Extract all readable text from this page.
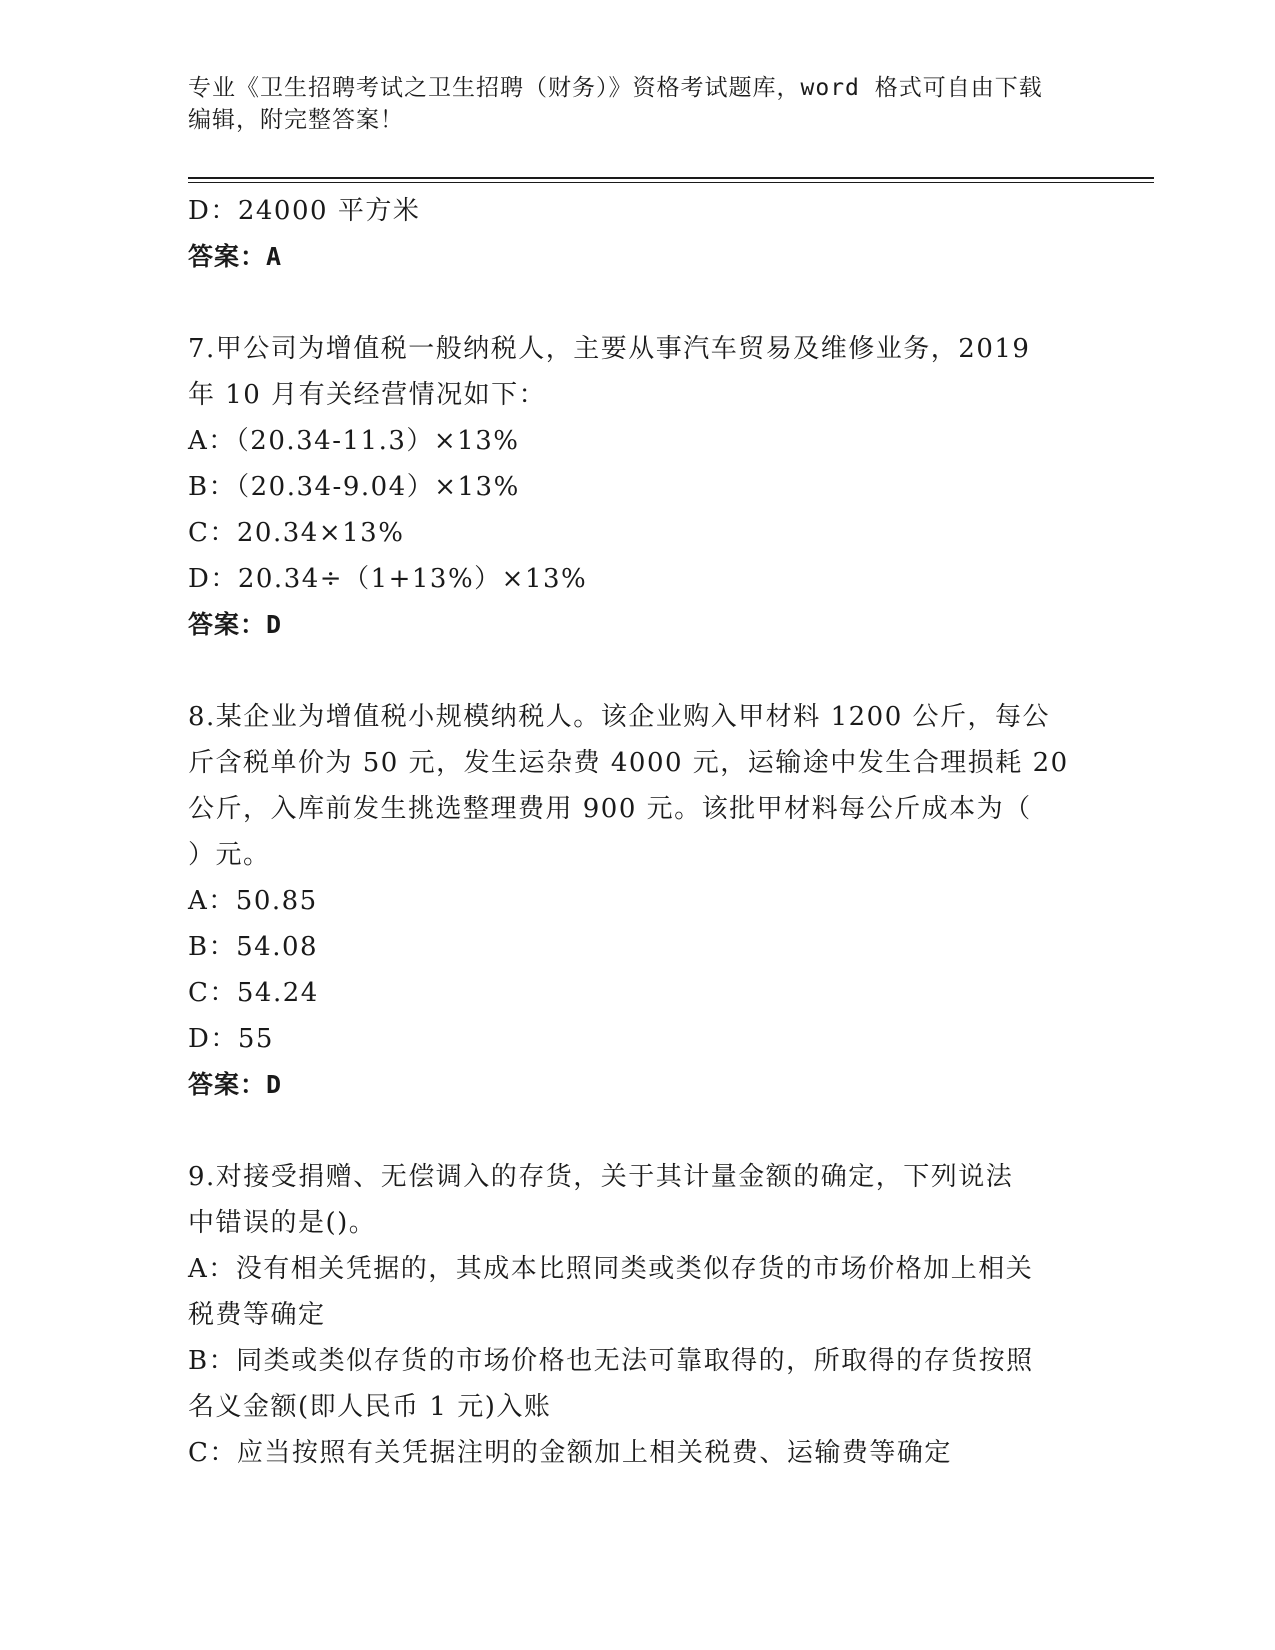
专业《卫生招聘考试之卫生招聘（财务）》资格考试题库，word 格式可自由下载
编辑，附完整答案！
D：24000 平方米
答案：A
7.甲公司为增值税一般纳税人，主要从事汽车贸易及维修业务，2019
年 10 月有关经营情况如下：
A：（20.34-11.3）×13%
B：（20.34-9.04）×13%
C：20.34×13%
D：20.34÷（1+13%）×13%
答案：D
8.某企业为增值税小规模纳税人。该企业购入甲材料 1200 公斤，每公
斤含税单价为 50 元，发生运杂费 4000 元，运输途中发生合理损耗 20
公斤，入库前发生挑选整理费用 900 元。该批甲材料每公斤成本为（
）元。
A：50.85
B：54.08
C：54.24
D：55
答案：D
9.对接受捐赠、无偿调入的存货，关于其计量金额的确定，下列说法
中错误的是()。
A：没有相关凭据的，其成本比照同类或类似存货的市场价格加上相关
税费等确定
B：同类或类似存货的市场价格也无法可靠取得的，所取得的存货按照
名义金额(即人民币 1 元)入账
C：应当按照有关凭据注明的金额加上相关税费、运输费等确定
